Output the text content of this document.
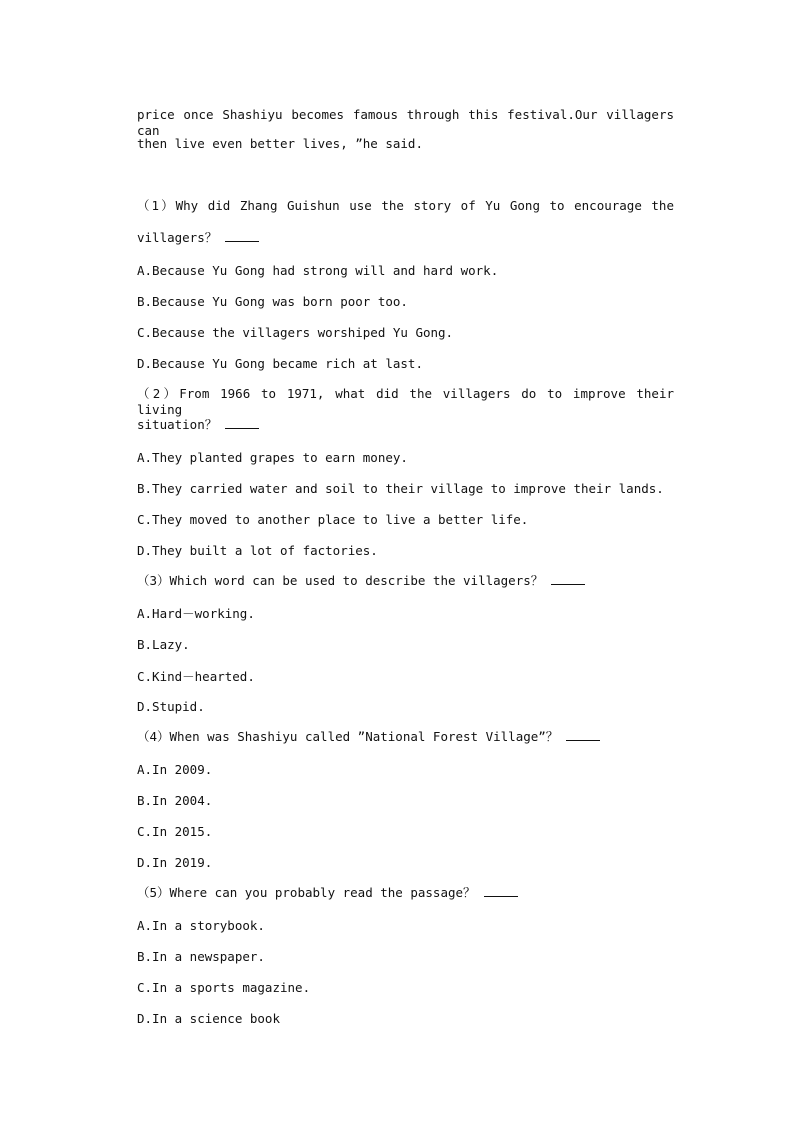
price once Shashiyu becomes famous through this festival.Our villagers can
then live even better lives, ”he said.
（1）Why did Zhang Guishun use the story of Yu Gong to encourage the
villagers？
A.Because Yu Gong had strong will and hard work.
B.Because Yu Gong was born poor too.
C.Because the villagers worshiped Yu Gong.
D.Because Yu Gong became rich at last.
（2）From 1966 to 1971, what did the villagers do to improve their living
situation？
A.They planted grapes to earn money.
B.They carried water and soil to their village to improve their lands.
C.They moved to another place to live a better life.
D.They built a lot of factories.
（3）Which word can be used to describe the villagers？
A.Hard－working.
B.Lazy.
C.Kind－hearted.
D.Stupid.
（4）When was Shashiyu called ”National Forest Village”？
A.In 2009.
B.In 2004.
C.In 2015.
D.In 2019.
（5）Where can you probably read the passage？
A.In a storybook.
B.In a newspaper.
C.In a sports magazine.
D.In a science book
